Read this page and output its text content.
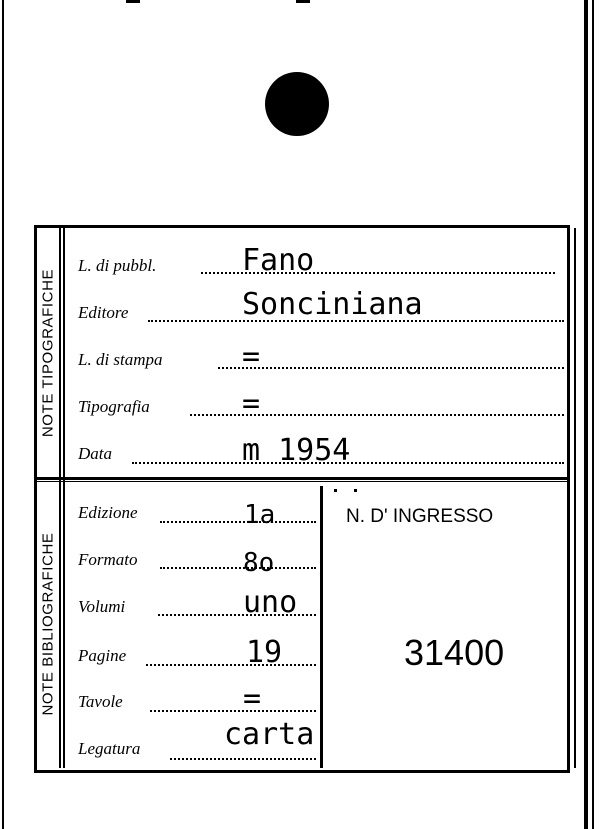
NOTE TIPOGRAFICHE
NOTE BIBLIOGRAFICHE
L. di pubbl.	Fano
Editore	Sonciniana
L. di stampa	=
Tipografia	=
Data	m 1954
Edizione	1a
Formato	8o
Volumi	uno
Pagine	19
Tavole	=
Legatura	carta
N. D' INGRESSO
31400
